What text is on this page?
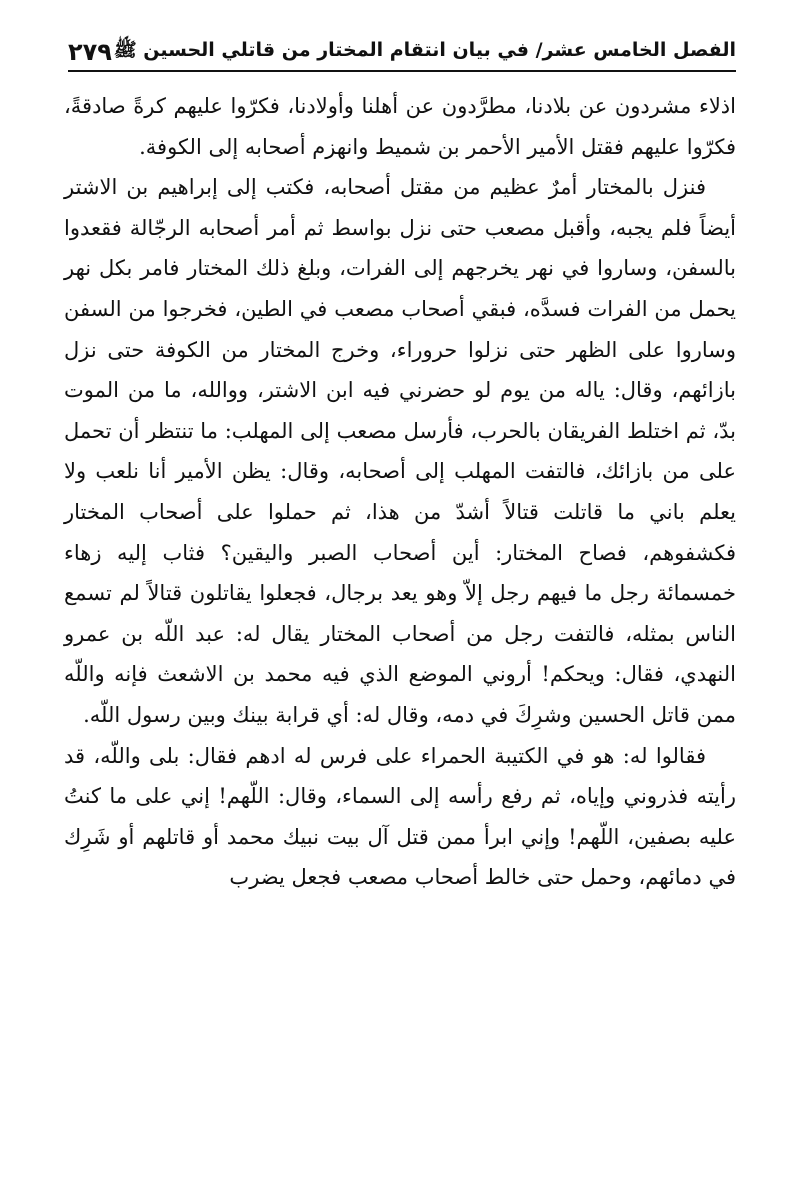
الفصل الخامس عشر/ في بيان انتقام المختار من قاتلي الحسين ﷺ
٢٧٩

اذلاء مشردون عن بلادنا، مطرَّدون عن أهلنا وأولادنا، فكرّوا عليهم كرةً صادقةً، فكرّوا عليهم فقتل الأمير الأحمر بن شميط وانهزم أصحابه إلى الكوفة.

فنزل بالمختار أمرٌ عظيم من مقتل أصحابه، فكتب إلى إبراهيم بن الاشتر أيضاً فلم يجبه، وأقبل مصعب حتى نزل بواسط ثم أمر أصحابه الرجّالة فقعدوا بالسفن، وساروا في نهر يخرجهم إلى الفرات، وبلغ ذلك المختار فامر بكل نهر يحمل من الفرات فسدَّه، فبقي أصحاب مصعب في الطين، فخرجوا من السفن وساروا على الظهر حتى نزلوا حروراء، وخرج المختار من الكوفة حتى نزل بازائهم، وقال: ياله من يوم لو حضرني فيه ابن الاشتر، ووالله، ما من الموت بدّ، ثم اختلط الفريقان بالحرب، فأرسل مصعب إلى المهلب: ما تنتظر أن تحمل على من بازائك، فالتفت المهلب إلى أصحابه، وقال: يظن الأمير أنا نلعب ولا يعلم باني ما قاتلت قتالاً أشدّ من هذا، ثم حملوا على أصحاب المختار فكشفوهم، فصاح المختار: أين أصحاب الصبر واليقين؟ فثاب إليه زهاء خمسمائة رجل ما فيهم رجل إلاّ وهو يعد برجال، فجعلوا يقاتلون قتالاً لم تسمع الناس بمثله، فالتفت رجل من أصحاب المختار يقال له: عبد اللّه بن عمرو النهدي، فقال: ويحكم! أروني الموضع الذي فيه محمد بن الاشعث فإنه واللّه ممن قاتل الحسين وشرِكَ في دمه، وقال له: أي قرابة بينك وبين رسول اللّه.

فقالوا له: هو في الكتيبة الحمراء على فرس له ادهم فقال: بلى واللّه، قد رأيته فذروني وإياه، ثم رفع رأسه إلى السماء، وقال: اللّهم! إني على ما كنتُ عليه بصفين، اللّهم! وإني ابرأ ممن قتل آل بيت نبيك محمد أو قاتلهم أو شَرِك في دمائهم، وحمل حتى خالط أصحاب مصعب فجعل يضرب
